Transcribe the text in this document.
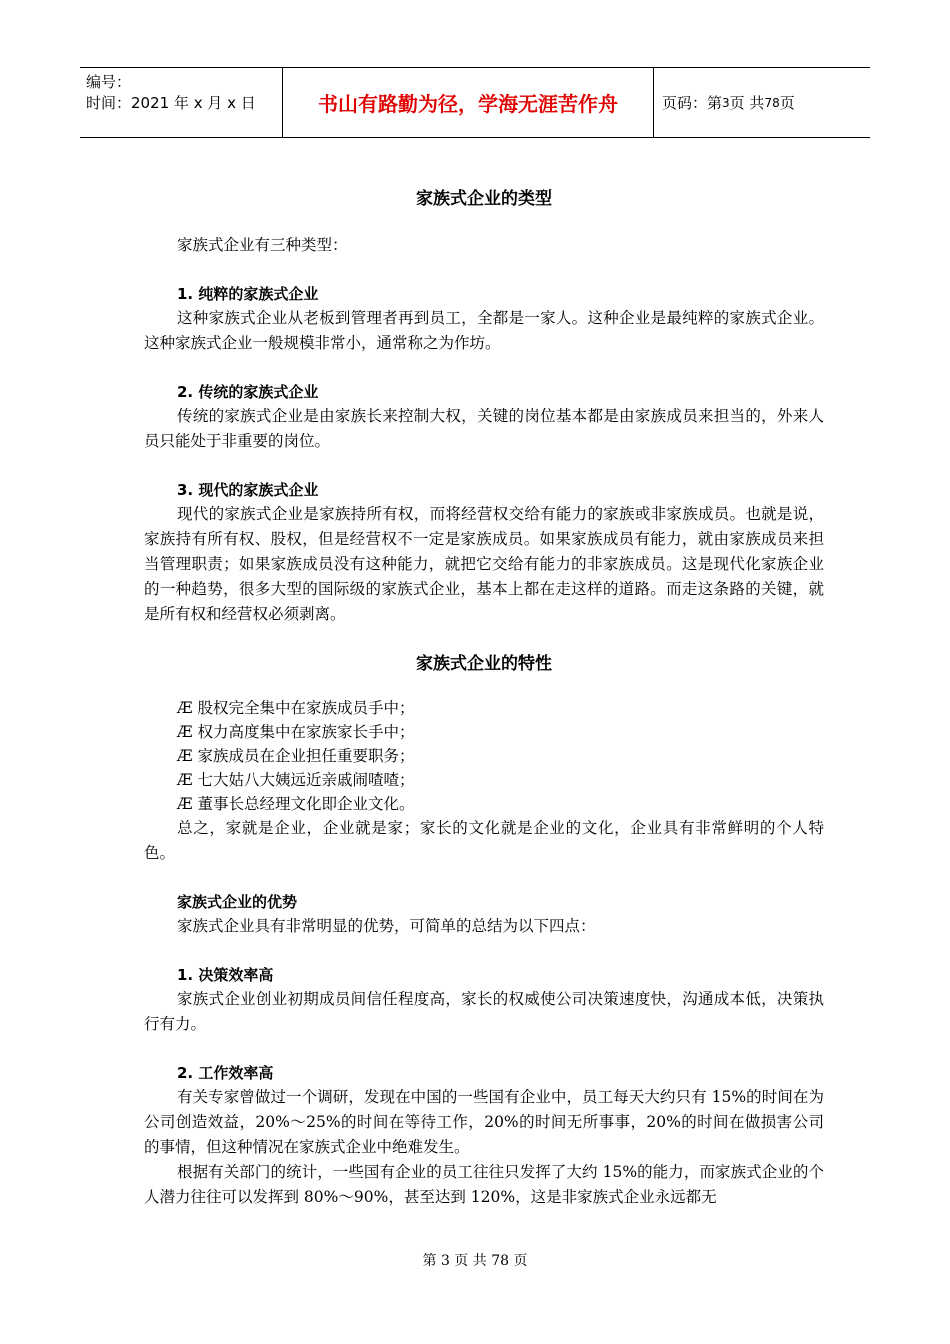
编号：
时间：2021 年 x 月 x 日	书山有路勤为径，学海无涯苦作舟	页码：第 3 页 共 78 页
家族式企业的类型

家族式企业有三种类型：

1. 纯粹的家族式企业

这种家族式企业从老板到管理者再到员工，全都是一家人。这种企业是最纯粹的家族式企业。这种家族式企业一般规模非常小，通常称之为作坊。

2. 传统的家族式企业

传统的家族式企业是由家族长来控制大权，关键的岗位基本都是由家族成员来担当的，外来人员只能处于非重要的岗位。

3. 现代的家族式企业

现代的家族式企业是家族持所有权，而将经营权交给有能力的家族或非家族成员。也就是说，家族持有所有权、股权，但是经营权不一定是家族成员。如果家族成员有能力，就由家族成员来担当管理职责；如果家族成员没有这种能力，就把它交给有能力的非家族成员。这是现代化家族企业的一种趋势，很多大型的国际级的家族式企业，基本上都在走这样的道路。而走这条路的关键，就是所有权和经营权必须剥离。

家族式企业的特性

Æ 股权完全集中在家族成员手中；

Æ 权力高度集中在家族家长手中；

Æ 家族成员在企业担任重要职务；

Æ 七大姑八大姨远近亲戚闹喳喳；

Æ 董事长总经理文化即企业文化。

总之，家就是企业，企业就是家；家长的文化就是企业的文化，企业具有非常鲜明的个人特色。

家族式企业的优势

家族式企业具有非常明显的优势，可简单的总结为以下四点：

1. 决策效率高

家族式企业创业初期成员间信任程度高，家长的权威使公司决策速度快，沟通成本低，决策执行有力。

2. 工作效率高

有关专家曾做过一个调研，发现在中国的一些国有企业中，员工每天大约只有 15%的时间在为公司创造效益，20%～25%的时间在等待工作，20%的时间无所事事，20%的时间在做损害公司的事情，但这种情况在家族式企业中绝难发生。

根据有关部门的统计，一些国有企业的员工往往只发挥了大约 15%的能力，而家族式企业的个人潜力往往可以发挥到 80%～90%，甚至达到 120%，这是非家族式企业永远都无

第 3 页 共 78 页
